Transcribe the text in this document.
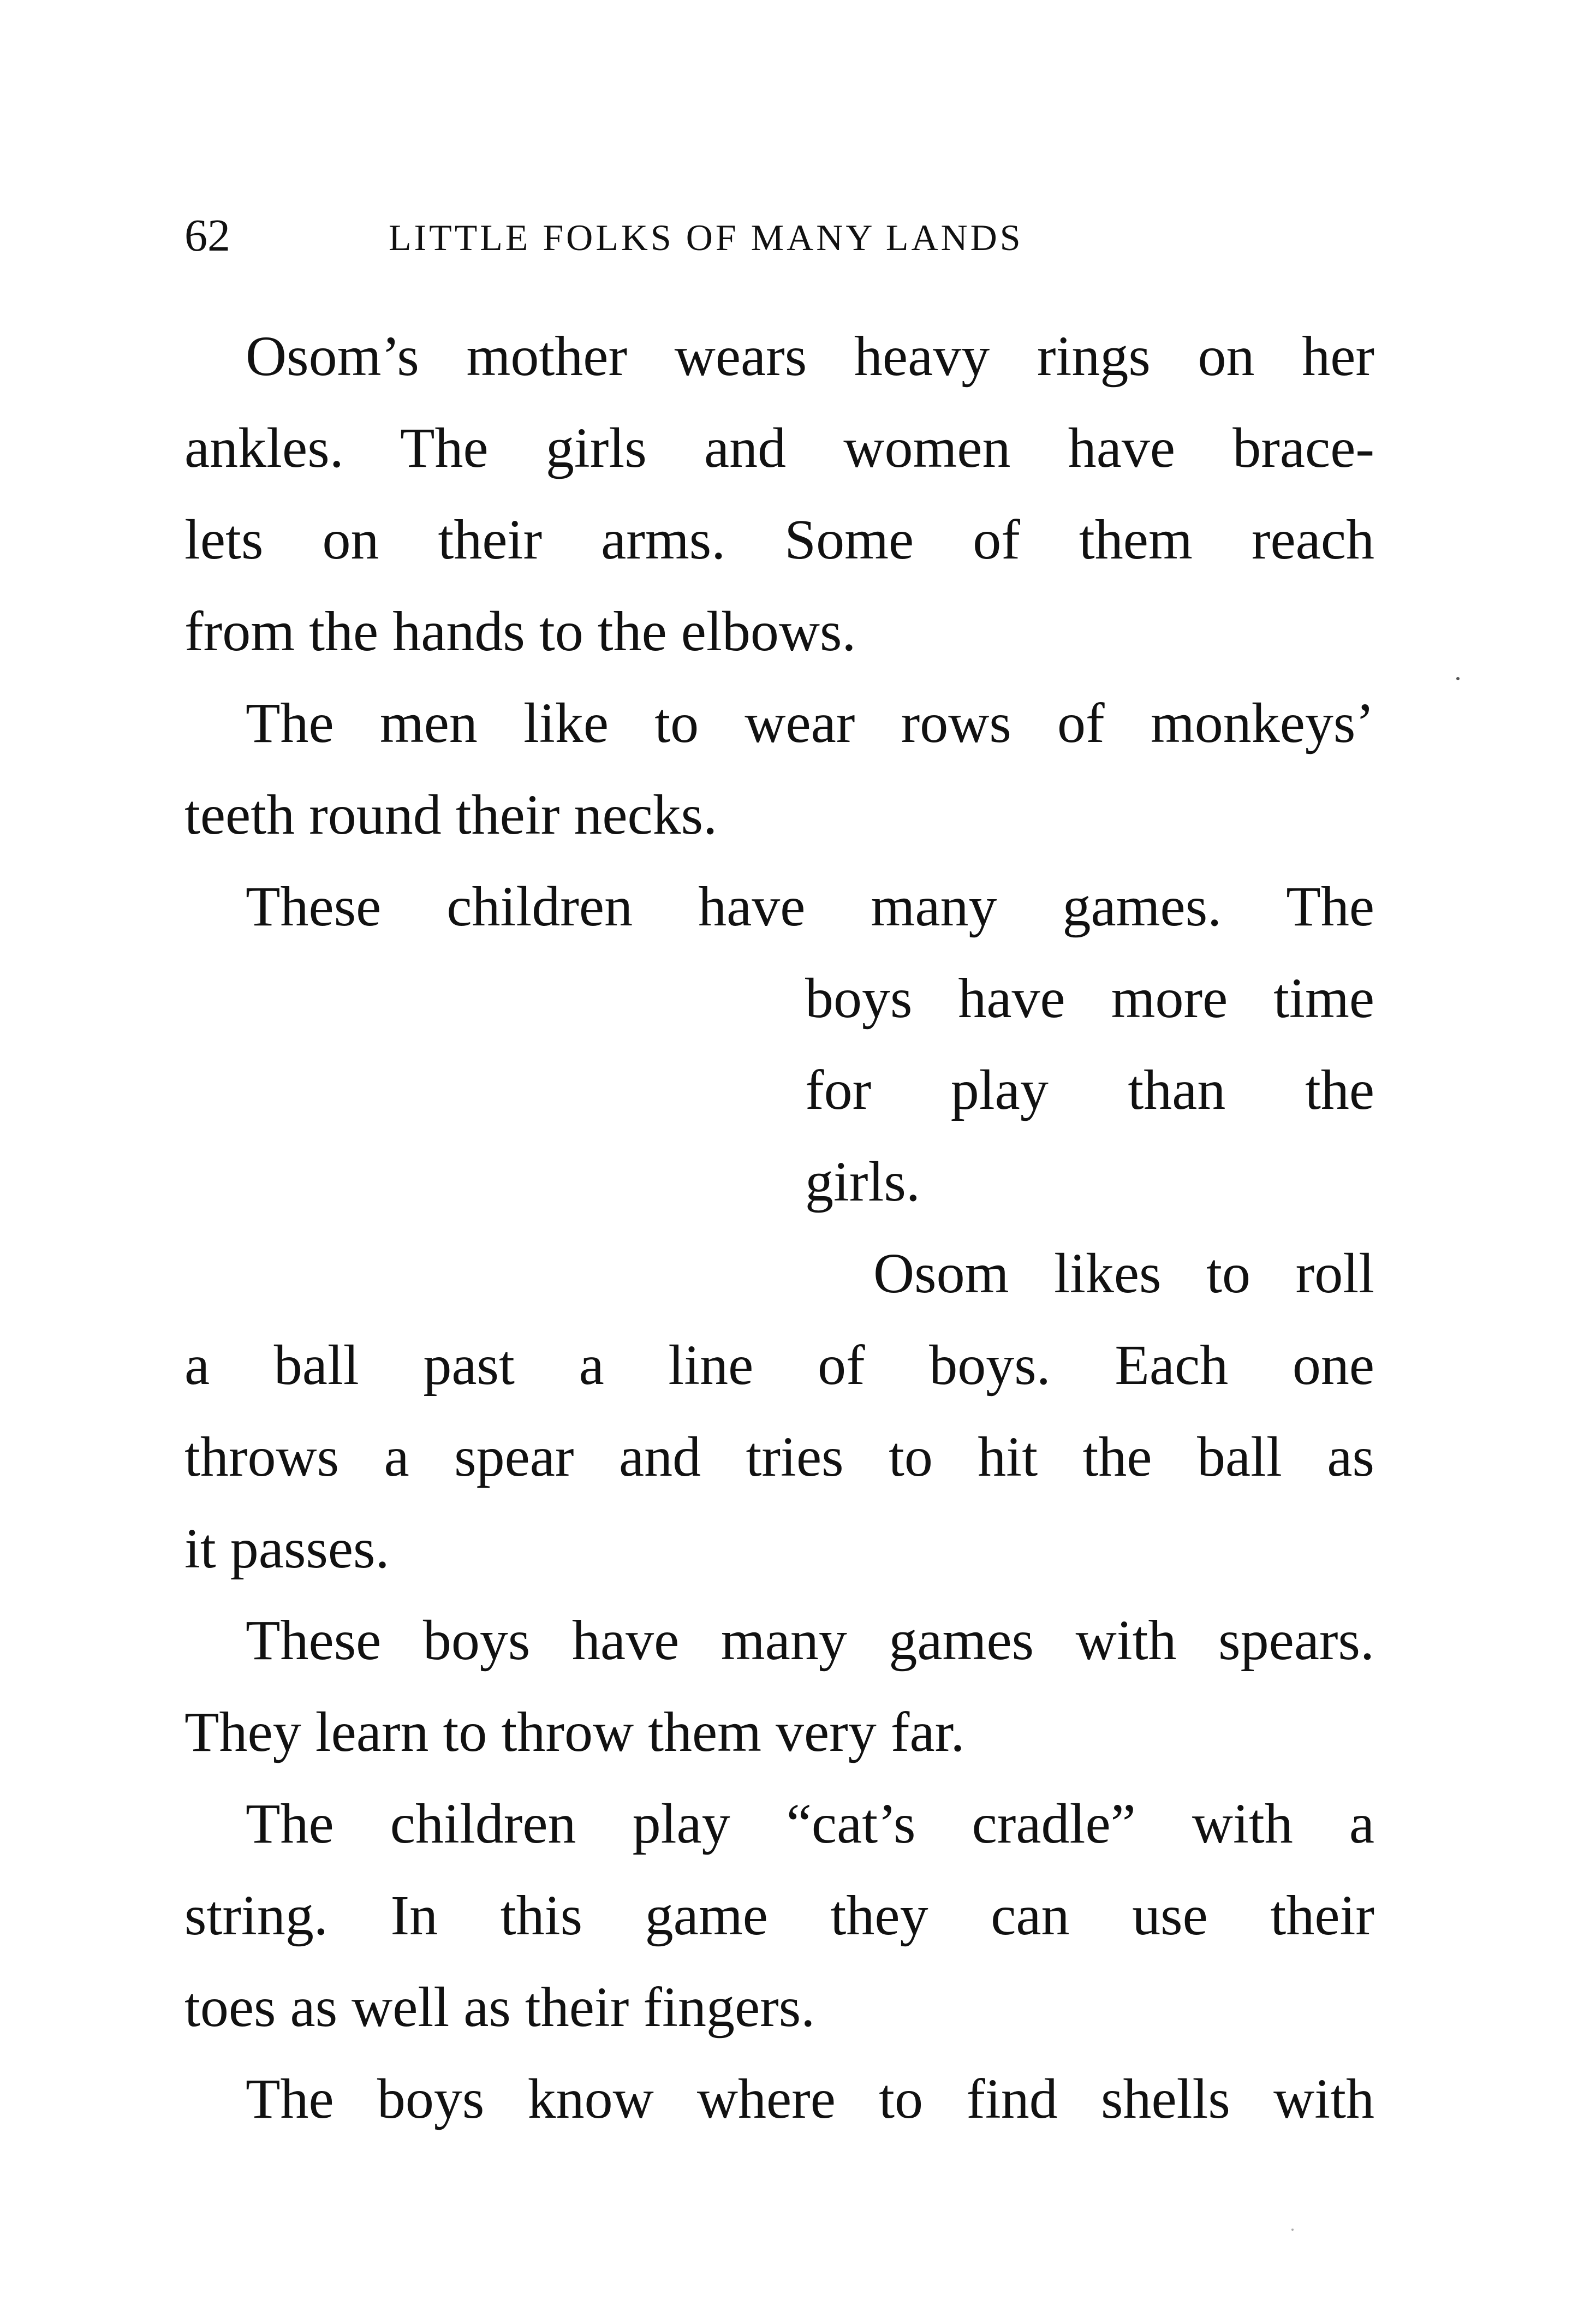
62	LITTLE FOLKS OF MANY LANDS
Osom’s mother wears heavy rings on her
ankles. The girls and women have brace-
lets on their arms. Some of them reach
from the hands to the elbows.
The men like to wear rows of monkeys’
teeth round their necks.
These children have many games. The
boys have more time
for play than the
girls.
Osom likes to roll
a ball past a line of boys. Each one
throws a spear and tries to hit the ball as
it passes.
These boys have many games with spears.
They learn to throw them very far.
The children play “cat’s cradle” with a
string. In this game they can use their
toes as well as their fingers.
The boys know where to find shells with
